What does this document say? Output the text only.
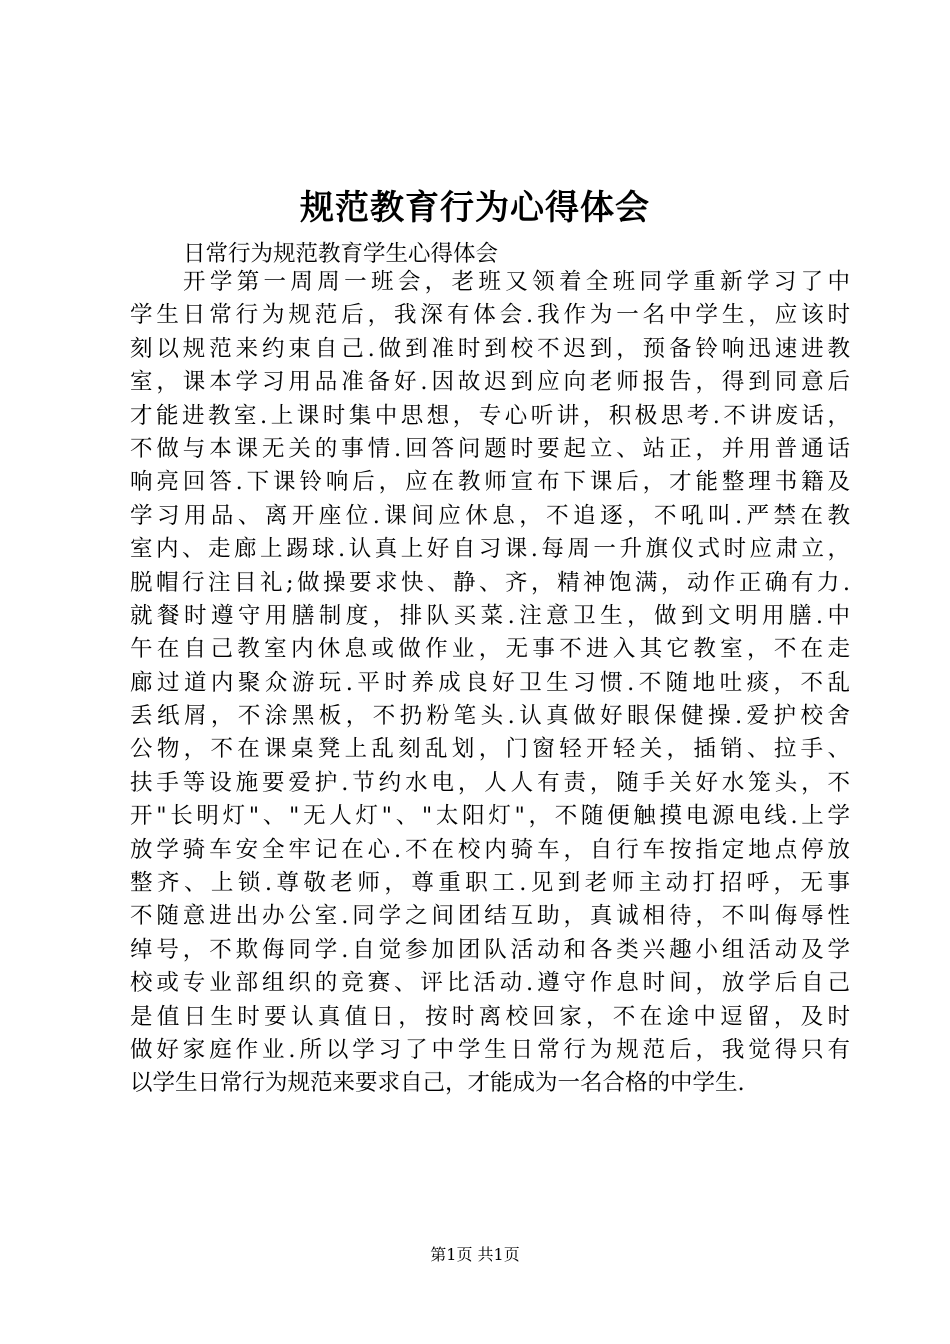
规范教育行为心得体会
日常行为规范教育学生心得体会
开学第一周周一班会，老班又领着全班同学重新学习了中
学生日常行为规范后，我深有体会.我作为一名中学生，应该时
刻以规范来约束自己.做到准时到校不迟到，预备铃响迅速进教
室，课本学习用品准备好.因故迟到应向老师报告，得到同意后
才能进教室.上课时集中思想，专心听讲，积极思考.不讲废话，
不做与本课无关的事情.回答问题时要起立、站正，并用普通话
响亮回答.下课铃响后，应在教师宣布下课后，才能整理书籍及
学习用品、离开座位.课间应休息，不追逐，不吼叫.严禁在教
室内、走廊上踢球.认真上好自习课.每周一升旗仪式时应肃立，
脱帽行注目礼;做操要求快、静、齐，精神饱满，动作正确有力.
就餐时遵守用膳制度，排队买菜.注意卫生，做到文明用膳.中
午在自己教室内休息或做作业，无事不进入其它教室，不在走
廊过道内聚众游玩.平时养成良好卫生习惯.不随地吐痰，不乱
丢纸屑，不涂黑板，不扔粉笔头.认真做好眼保健操.爱护校舍
公物，不在课桌凳上乱刻乱划，门窗轻开轻关，插销、拉手、
扶手等设施要爱护.节约水电，人人有责，随手关好水笼头，不
开"长明灯"、"无人灯"、"太阳灯"，不随便触摸电源电线.上学
放学骑车安全牢记在心.不在校内骑车，自行车按指定地点停放
整齐、上锁.尊敬老师，尊重职工.见到老师主动打招呼，无事
不随意进出办公室.同学之间团结互助，真诚相待，不叫侮辱性
绰号，不欺侮同学.自觉参加团队活动和各类兴趣小组活动及学
校或专业部组织的竞赛、评比活动.遵守作息时间，放学后自己
是值日生时要认真值日，按时离校回家，不在途中逗留，及时
做好家庭作业.所以学习了中学生日常行为规范后，我觉得只有
以学生日常行为规范来要求自己，才能成为一名合格的中学生.
第1页 共1页
